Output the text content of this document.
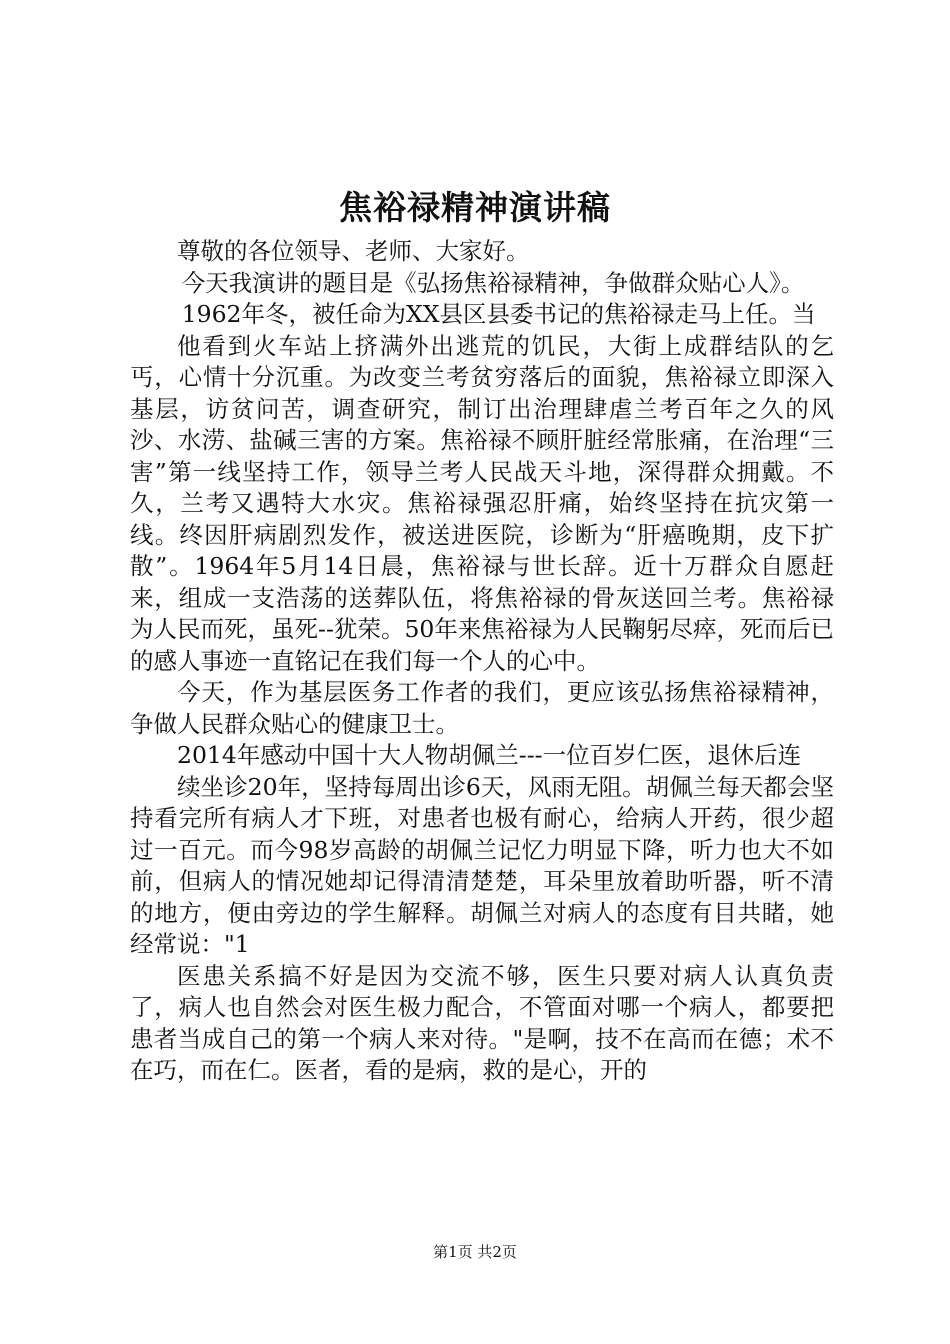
焦裕禄精神演讲稿

尊敬的各位领导、老师、大家好。

今天我演讲的题目是《弘扬焦裕禄精神，争做群众贴心人》。

1962年冬，被任命为XX县区县委书记的焦裕禄走马上任。当

他看到火车站上挤满外出逃荒的饥民，大街上成群结队的乞丐，心情十分沉重。为改变兰考贫穷落后的面貌，焦裕禄立即深入基层，访贫问苦，调查研究，制订出治理肆虐兰考百年之久的风沙、水涝、盐碱三害的方案。焦裕禄不顾肝脏经常胀痛，在治理“三害”第一线坚持工作，领导兰考人民战天斗地，深得群众拥戴。不久，兰考又遇特大水灾。焦裕禄强忍肝痛，始终坚持在抗灾第一线。终因肝病剧烈发作，被送进医院，诊断为“肝癌晚期，皮下扩散”。1964年5月14日晨，焦裕禄与世长辞。近十万群众自愿赶来，组成一支浩荡的送葬队伍，将焦裕禄的骨灰送回兰考。焦裕禄为人民而死，虽死--犹荣。50年来焦裕禄为人民鞠躬尽瘁，死而后已的感人事迹一直铭记在我们每一个人的心中。

今天，作为基层医务工作者的我们，更应该弘扬焦裕禄精神，争做人民群众贴心的健康卫士。

2014年感动中国十大人物胡佩兰---一位百岁仁医，退休后连

续坐诊20年，坚持每周出诊6天，风雨无阻。胡佩兰每天都会坚持看完所有病人才下班，对患者也极有耐心，给病人开药，很少超过一百元。而今98岁高龄的胡佩兰记忆力明显下降，听力也大不如前，但病人的情况她却记得清清楚楚，耳朵里放着助听器，听不清的地方，便由旁边的学生解释。胡佩兰对病人的态度有目共睹，她经常说："1

医患关系搞不好是因为交流不够，医生只要对病人认真负责了，病人也自然会对医生极力配合，不管面对哪一个病人，都要把患者当成自己的第一个病人来对待。"是啊，技不在高而在德；术不在巧，而在仁。医者，看的是病，救的是心，开的

第1页 共2页
